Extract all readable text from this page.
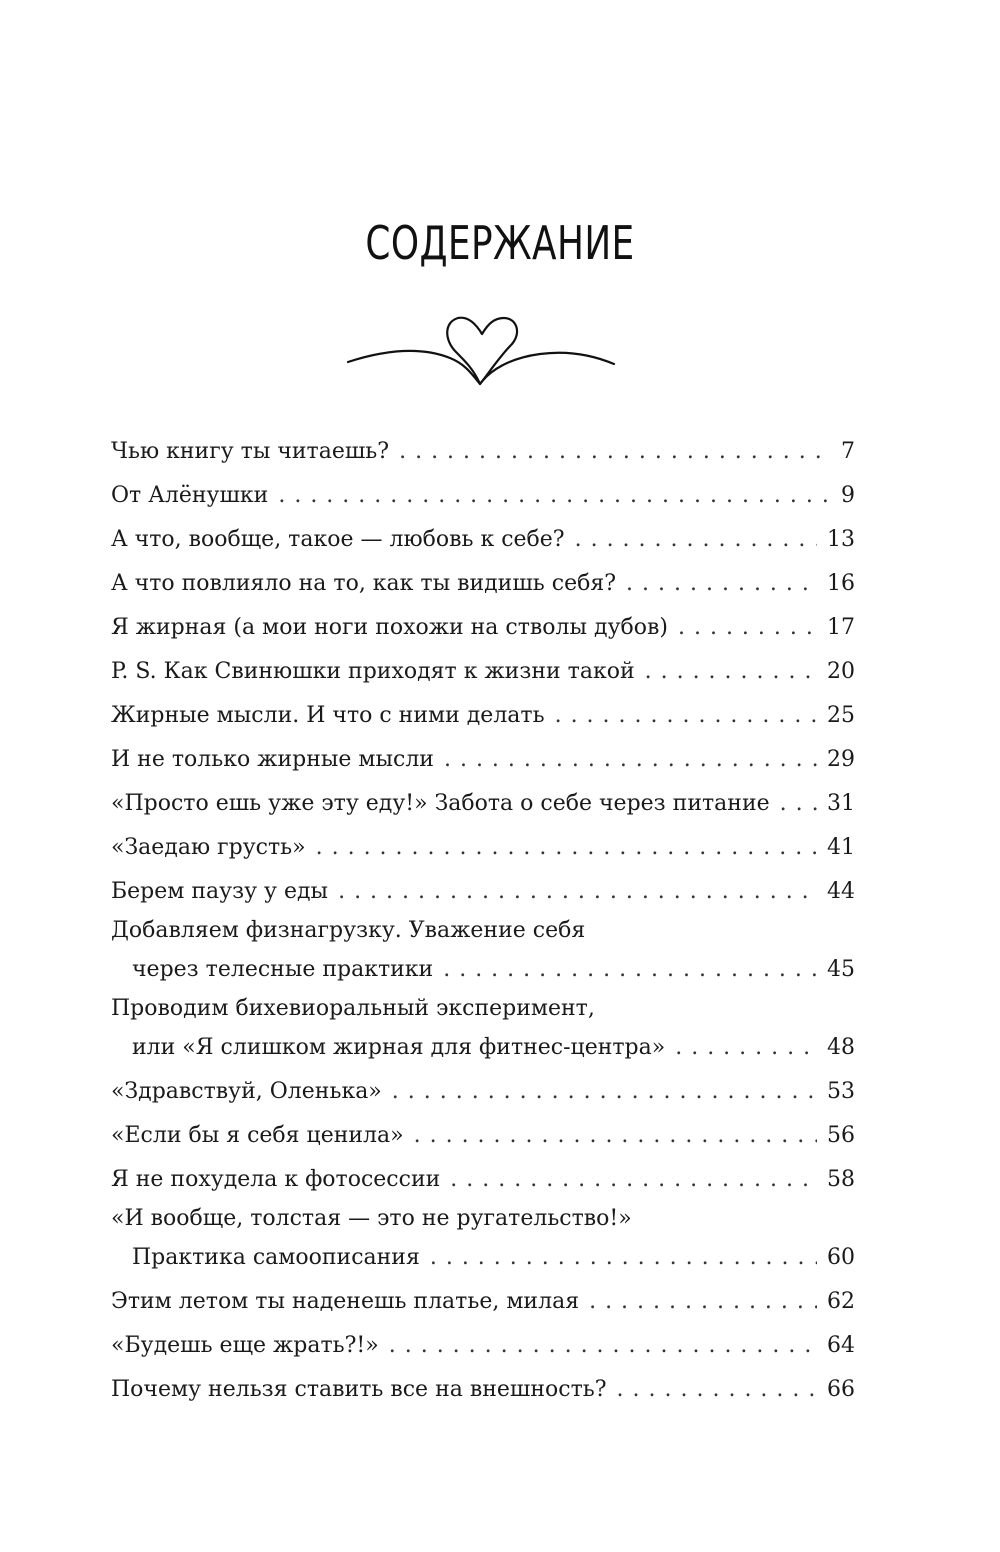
СОДЕРЖАНИЕ
Чью книгу ты читаешь? . . .	7
От Алёнушки . . .	9
А что, вообще, такое — любовь к себе? . . .	13
А что повлияло на то, как ты видишь себя? . . .	16
Я жирная (а мои ноги похожи на стволы дубов) . . .	17
P. S. Как Свинюшки приходят к жизни такой . . .	20
Жирные мысли. И что с ними делать . . .	25
И не только жирные мысли . . .	29
«Просто ешь уже эту еду!» Забота о себе через питание . . .	31
«Заедаю грусть» . . .	41
Берем паузу у еды . . .	44
Добавляем физнагрузку. Уважение себя
через телесные практики . . .	45
Проводим бихевиоральный эксперимент,
или «Я слишком жирная для фитнес-центра» . . .	48
«Здравствуй, Оленька» . . .	53
«Если бы я себя ценила» . . .	56
Я не похудела к фотосессии . . .	58
«И вообще, толстая — это не ругательство!»
Практика самоописания . . .	60
Этим летом ты наденешь платье, милая . . .	62
«Будешь еще жрать?!» . . .	64
Почему нельзя ставить все на внешность? . . .	66
